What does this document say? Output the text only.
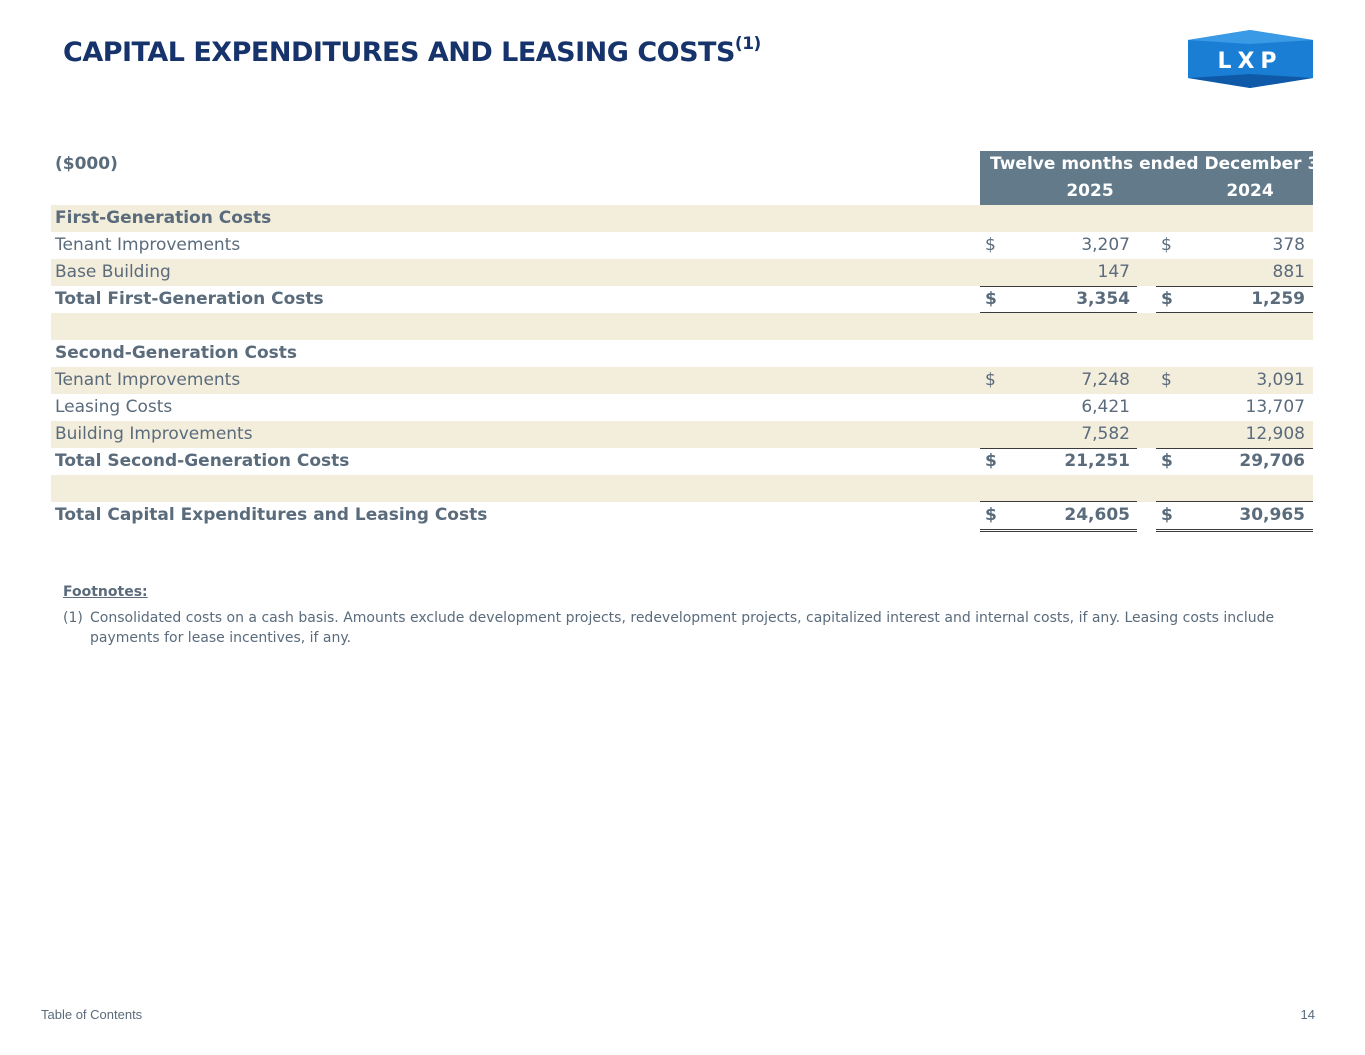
CAPITAL EXPENDITURES AND LEASING COSTS$^{(1)}$
LXP
($000)	Twelve months ended December 31,
2025	2024
First-Generation Costs
Tenant Improvements	$	3,207 $	378
Base Building	147	881
Total First-Generation Costs	$	3,354 $	1,259
Second-Generation Costs
Tenant Improvements	$	7,248 $	3,091
Leasing Costs	6,421	13,707
Building Improvements	7,582	12,908
Total Second-Generation Costs	$	21,251 $	29,706
Total Capital Expenditures and Leasing Costs	$	24,605 $	30,965
Footnotes:
(1) Consolidated costs on a cash basis. Amounts exclude development projects, redevelopment projects, capitalized interest and internal costs, if any. Leasing costs include payments for lease incentives, if any.
Table of Contents	14
